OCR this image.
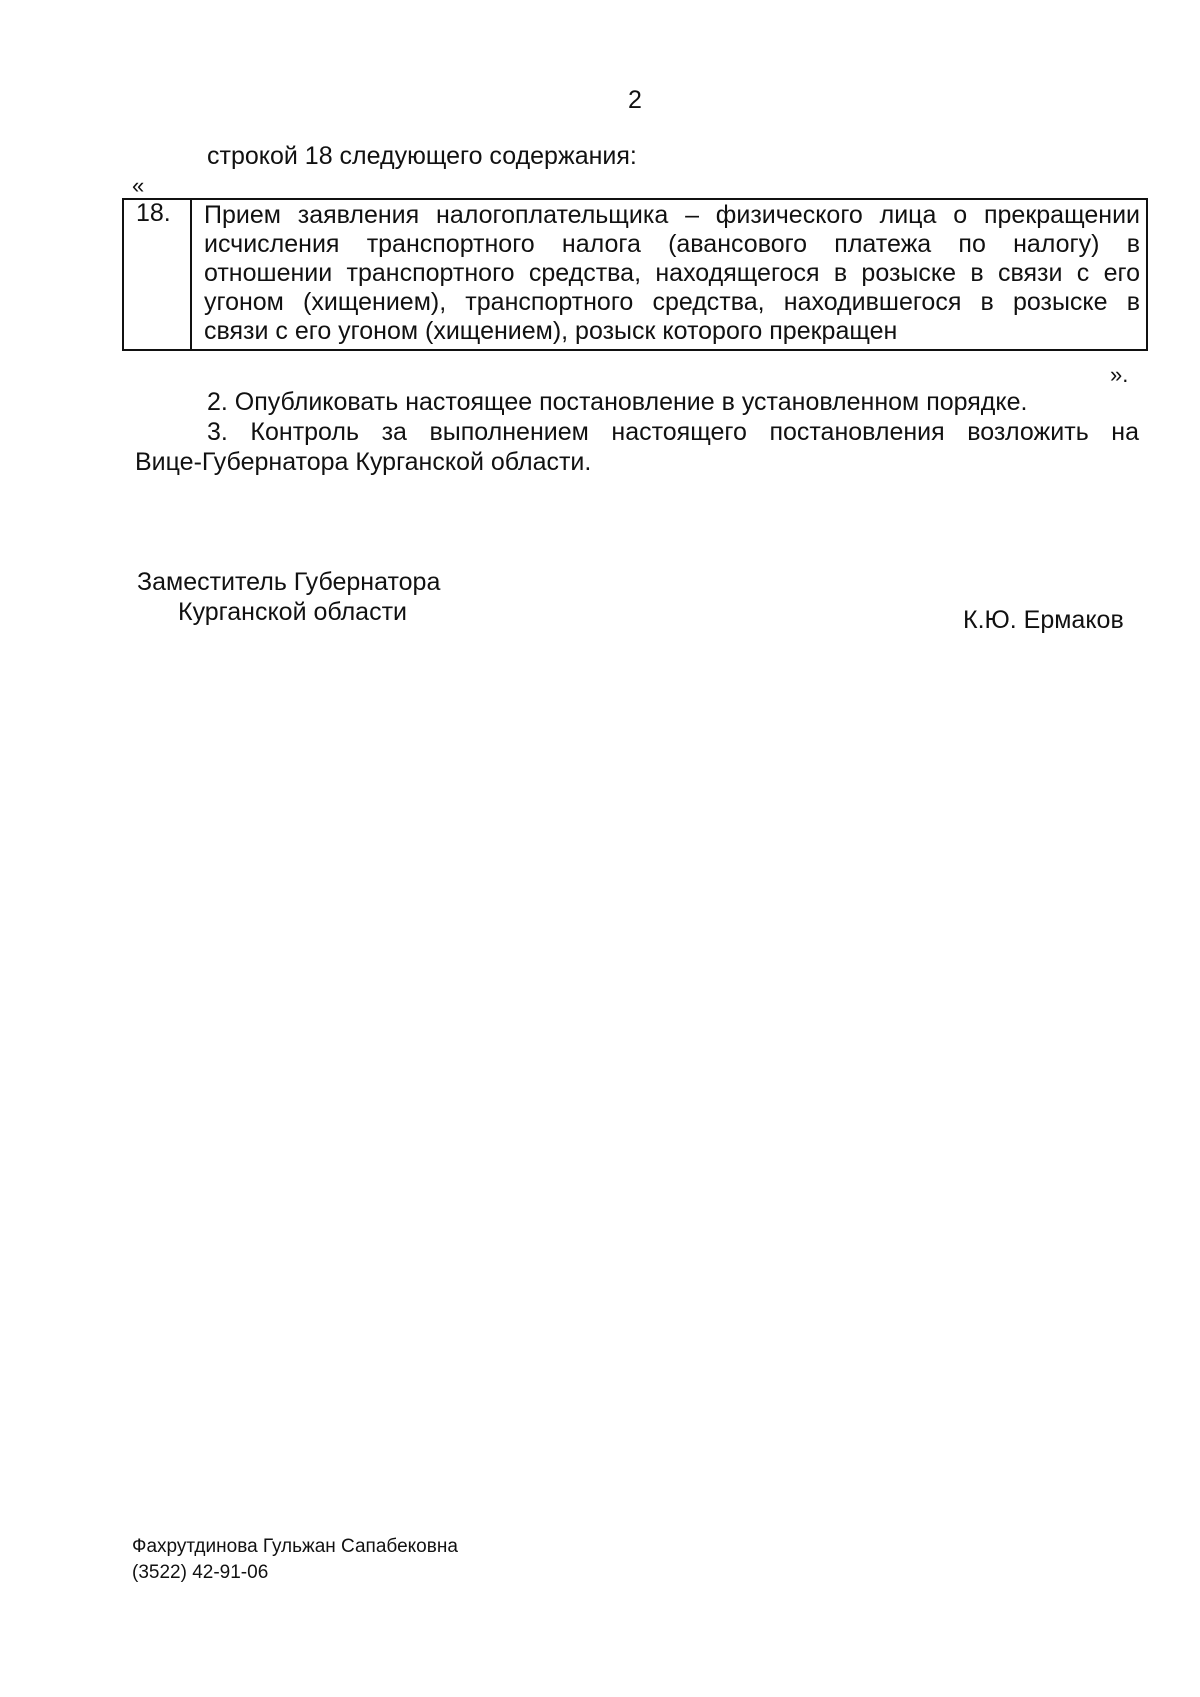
2
строкой 18 следующего содержания:
«
18. Прием заявления налогоплательщика – физического лица о прекращении
исчисления транспортного налога (авансового платежа по налогу) в
отношении транспортного средства, находящегося в розыске в связи с его
угоном (хищением), транспортного средства, находившегося в розыске в
связи с его угоном (хищением), розыск которого прекращен
».
2. Опубликовать настоящее постановление в установленном порядке.
3. Контроль за выполнением настоящего постановления возложить на
Вице-Губернатора Курганской области.
Заместитель Губернатора
Курганской области	К.Ю. Ермаков
Фахрутдинова Гульжан Сапабековна
(3522) 42-91-06
